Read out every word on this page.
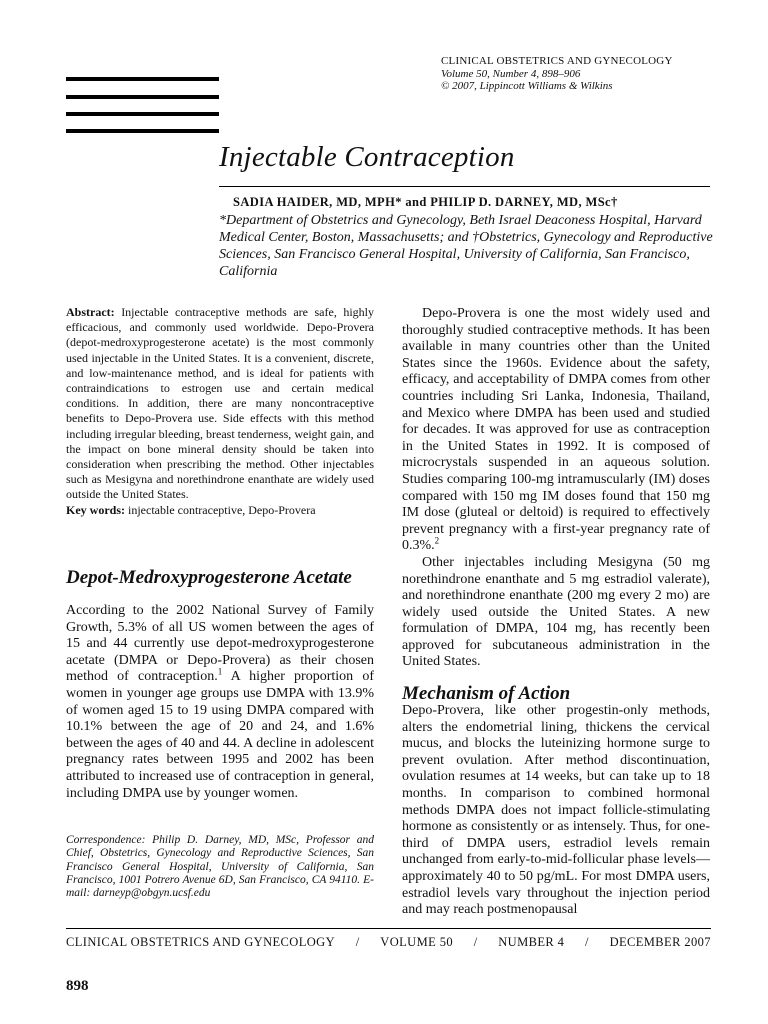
CLINICAL OBSTETRICS AND GYNECOLOGY
Volume 50, Number 4, 898–906
© 2007, Lippincott Williams & Wilkins
Injectable Contraception
SADIA HAIDER, MD, MPH* and PHILIP D. DARNEY, MD, MSc†
*Department of Obstetrics and Gynecology, Beth Israel Deaconess Hospital, Harvard Medical Center, Boston, Massachusetts; and †Obstetrics, Gynecology and Reproductive Sciences, San Francisco General Hospital, University of California, San Francisco, California
Abstract: Injectable contraceptive methods are safe, highly efficacious, and commonly used worldwide. Depo-Provera (depot-medroxyprogesterone acetate) is the most commonly used injectable in the United States. It is a convenient, discrete, and low-maintenance method, and is ideal for patients with contraindications to estrogen use and certain medical conditions. In addition, there are many noncontraceptive benefits to Depo-Provera use. Side effects with this method including irregular bleeding, breast tenderness, weight gain, and the impact on bone mineral density should be taken into consideration when prescribing the method. Other injectables such as Mesigyna and norethindrone enanthate are widely used outside the United States.
Key words: injectable contraceptive, Depo-Provera
Depot-Medroxyprogesterone Acetate

According to the 2002 National Survey of Family Growth, 5.3% of all US women between the ages of 15 and 44 currently use depot-medroxyprogesterone acetate (DMPA or Depo-Provera) as their chosen method of contraception.$^1$ A higher proportion of women in younger age groups use DMPA with 13.9% of women aged 15 to 19 using DMPA compared with 10.1% between the age of 20 and 24, and 1.6% between the ages of 40 and 44. A decline in adolescent pregnancy rates between 1995 and 2002 has been attributed to increased use of contraception in general, including DMPA use by younger women.

Correspondence: Philip D. Darney, MD, MSc, Professor and Chief, Obstetrics, Gynecology and Reproductive Sciences, San Francisco General Hospital, University of California, San Francisco, 1001 Potrero Avenue 6D, San Francisco, CA 94110. E-mail: darneyp@obgyn.ucsf.edu

Depo-Provera is one the most widely used and thoroughly studied contraceptive methods. It has been available in many countries other than the United States since the 1960s. Evidence about the safety, efficacy, and acceptability of DMPA comes from other countries including Sri Lanka, Indonesia, Thailand, and Mexico where DMPA has been used and studied for decades. It was approved for use as contraception in the United States in 1992. It is composed of microcrystals suspended in an aqueous solution. Studies comparing 100-mg intramuscularly (IM) doses compared with 150 mg IM doses found that 150 mg IM dose (gluteal or deltoid) is required to effectively prevent pregnancy with a first-year pregnancy rate of 0.3%.$^2$

Other injectables including Mesigyna (50 mg norethindrone enanthate and 5 mg estradiol valerate), and norethindrone enanthate (200 mg every 2 mo) are widely used outside the United States. A new formulation of DMPA, 104 mg, has recently been approved for subcutaneous administration in the United States.

Mechanism of Action

Depo-Provera, like other progestin-only methods, alters the endometrial lining, thickens the cervical mucus, and blocks the luteinizing hormone surge to prevent ovulation. After method discontinuation, ovulation resumes at 14 weeks, but can take up to 18 months. In comparison to combined hormonal methods DMPA does not impact follicle-stimulating hormone as consistently or as intensely. Thus, for one-third of DMPA users, estradiol levels remain unchanged from early-to-mid-follicular phase levels—approximately 40 to 50 pg/mL. For most DMPA users, estradiol levels vary throughout the injection period and may reach postmenopausal

CLINICAL OBSTETRICS AND GYNECOLOGY / VOLUME 50 / NUMBER 4 / DECEMBER 2007
898
